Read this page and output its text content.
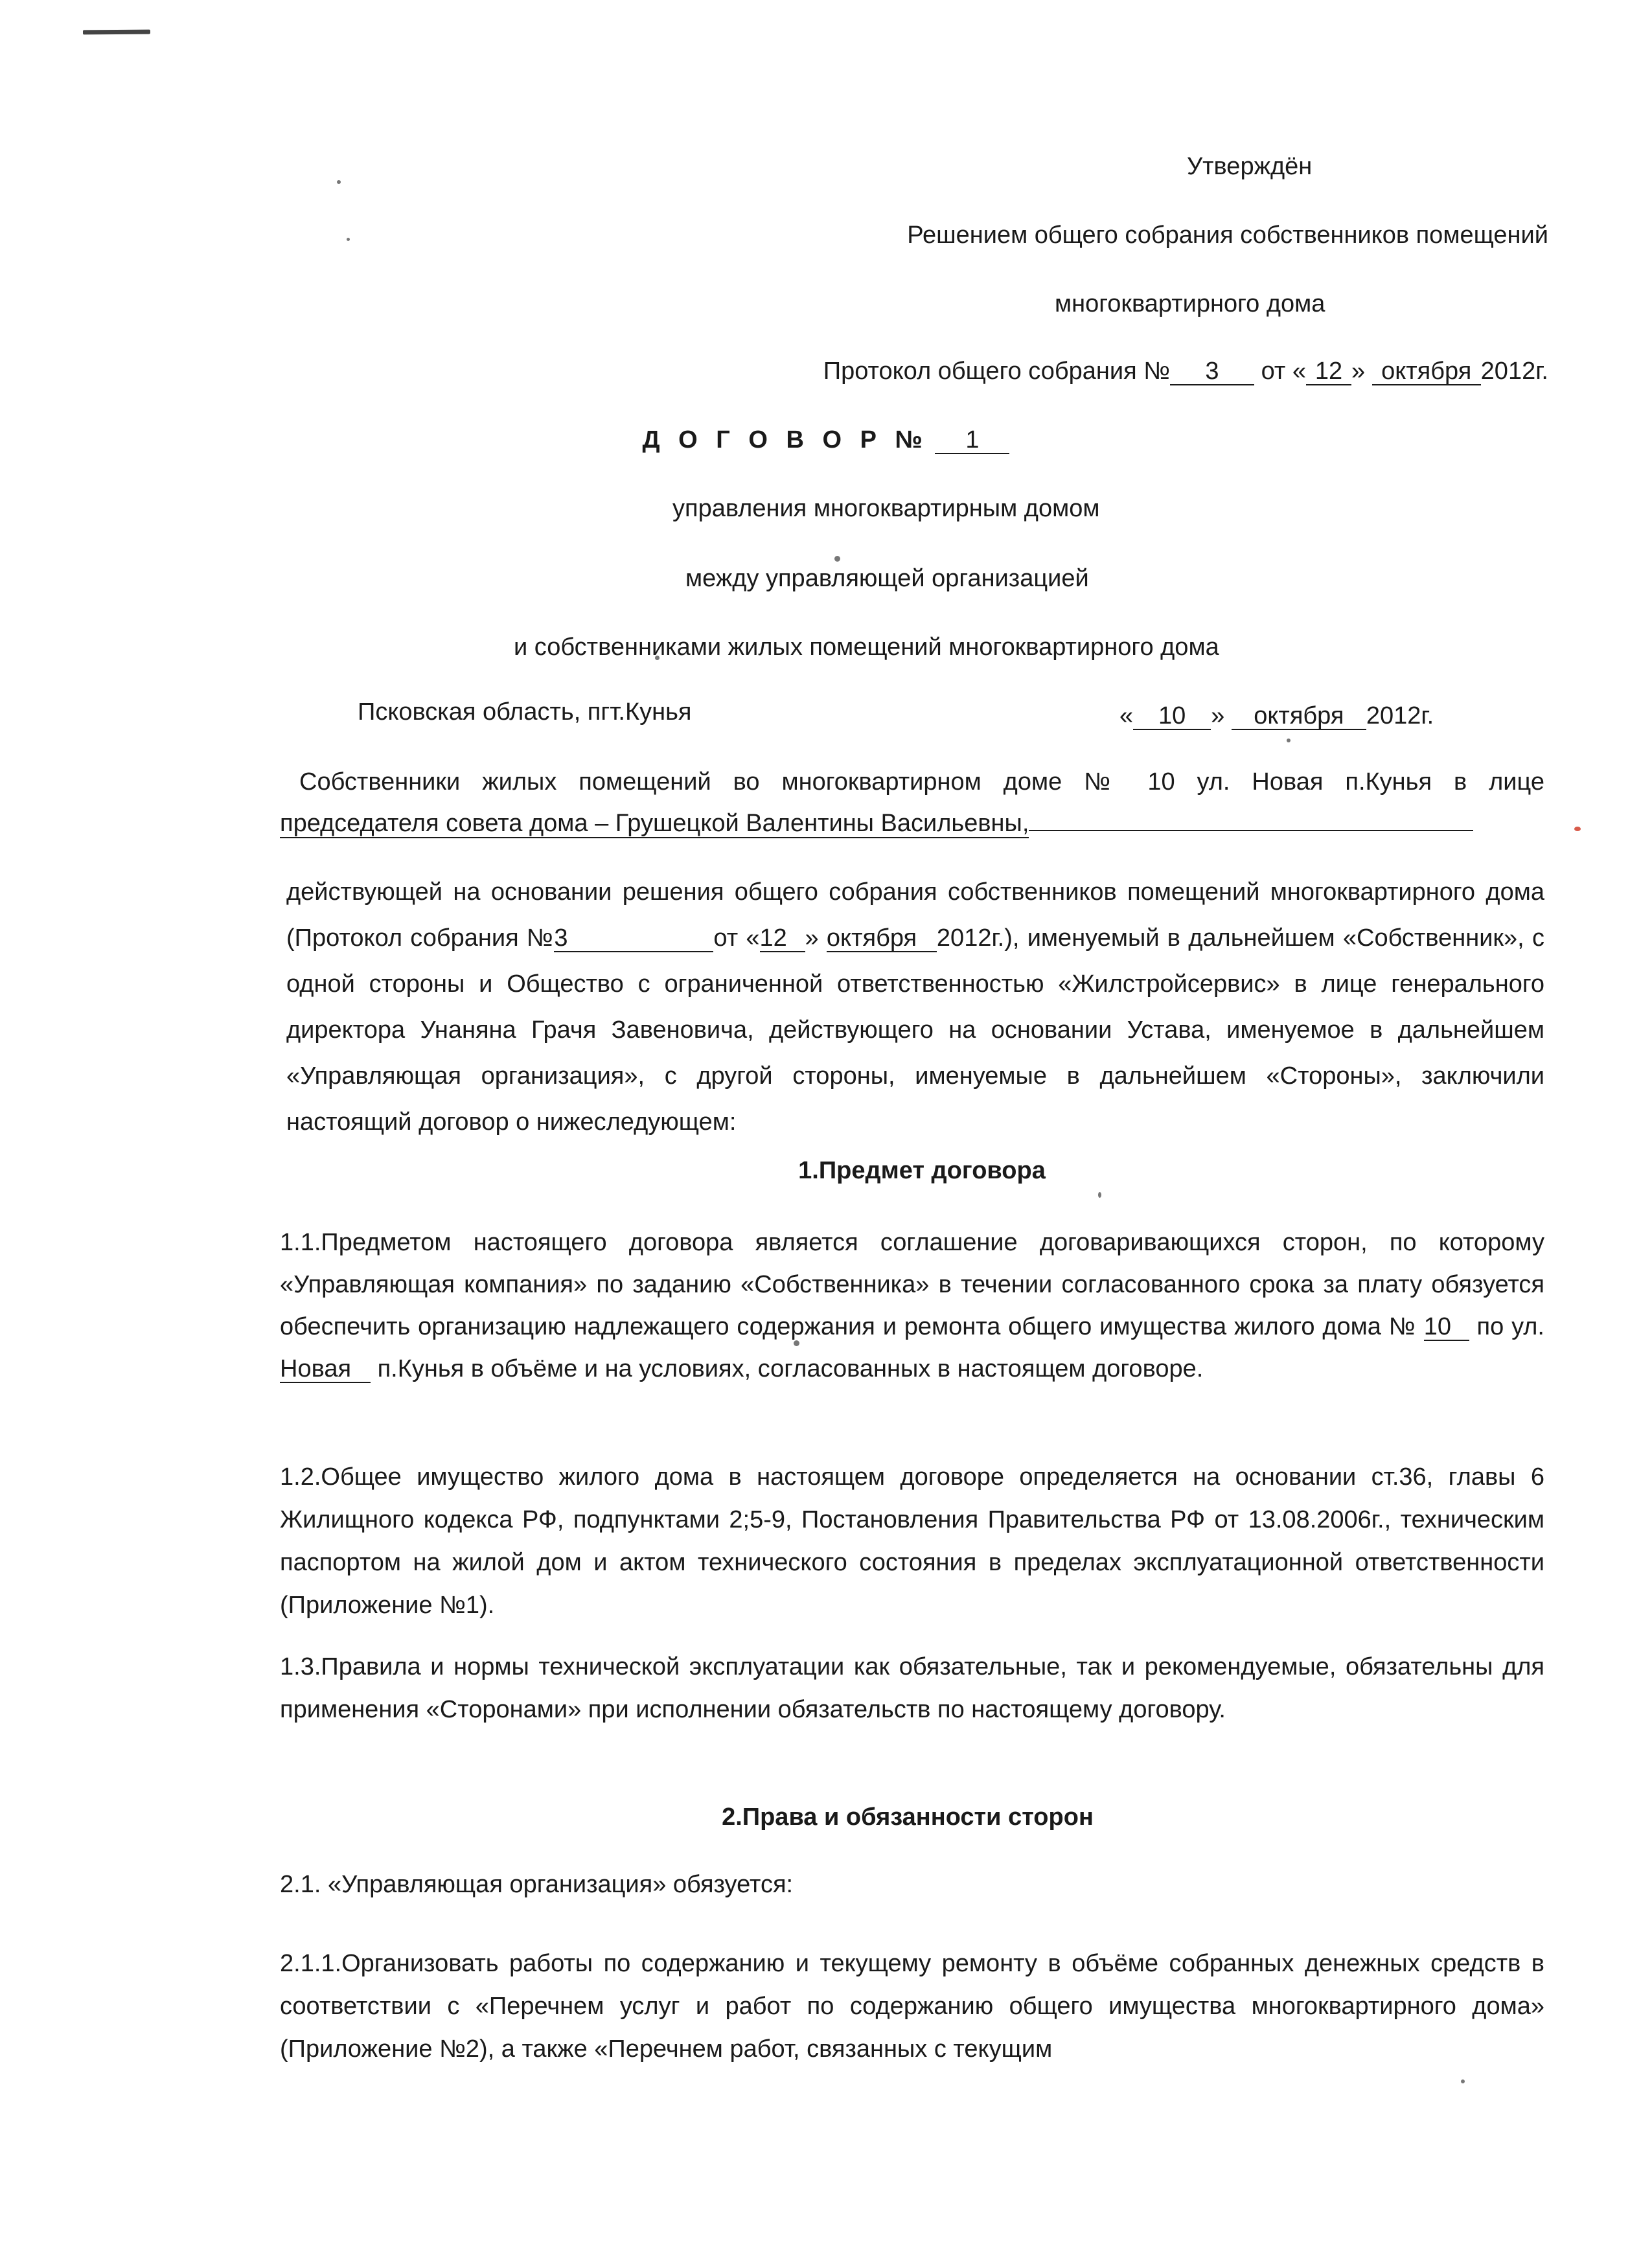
Утверждён
Решением общего собрания собственников помещений
многоквартирного дома
Протокол общего собрания № 3 от « 12 » октября 2012г.
Д О Г О В О Р № 1
управления многоквартирным домом
между управляющей организацией
и собственниками жилых помещений многоквартирного дома
Псковская область, пгт.Кунья	« 10 » октября 2012г.
Собственники жилых помещений во многоквартирном доме № 10 ул. Новая п.Кунья в лице
председателя совета дома – Грушецкой Валентины Васильевны,
действующей на основании решения общего собрания собственников помещений многоквартирного дома (Протокол собрания №3	от «12 » октября 2012г.), именуемый в дальнейшем «Собственник», с одной стороны и Общество с ограниченной ответственностью «Жилстройсервис» в лице генерального директора Унаняна Грачя Завеновича, действующего на основании Устава, именуемое в дальнейшем «Управляющая организация», с другой стороны, именуемые в дальнейшем «Стороны», заключили настоящий договор о нижеследующем:
1.Предмет договора
1.1.Предметом настоящего договора является соглашение договаривающихся сторон, по которому «Управляющая компания» по заданию «Собственника» в течении согласованного срока за плату обязуется обеспечить организацию надлежащего содержания и ремонта общего имущества жилого дома № 10 по ул.Новая п.Кунья в объёме и на условиях, согласованных в настоящем договоре.
1.2.Общее имущество жилого дома в настоящем договоре определяется на основании ст.36, главы 6 Жилищного кодекса РФ, подпунктами 2;5-9, Постановления Правительства РФ от 13.08.2006г., техническим паспортом на жилой дом и актом технического состояния в пределах эксплуатационной ответственности (Приложение №1).
1.3.Правила и нормы технической эксплуатации как обязательные, так и рекомендуемые, обязательны для применения «Сторонами» при исполнении обязательств по настоящему договору.
2.Права и обязанности сторон
2.1. «Управляющая организация» обязуется:
2.1.1.Организовать работы по содержанию и текущему ремонту в объёме собранных денежных средств в соответствии с «Перечнем услуг и работ по содержанию общего имущества многоквартирного дома» (Приложение №2), а также «Перечнем работ, связанных с текущим
